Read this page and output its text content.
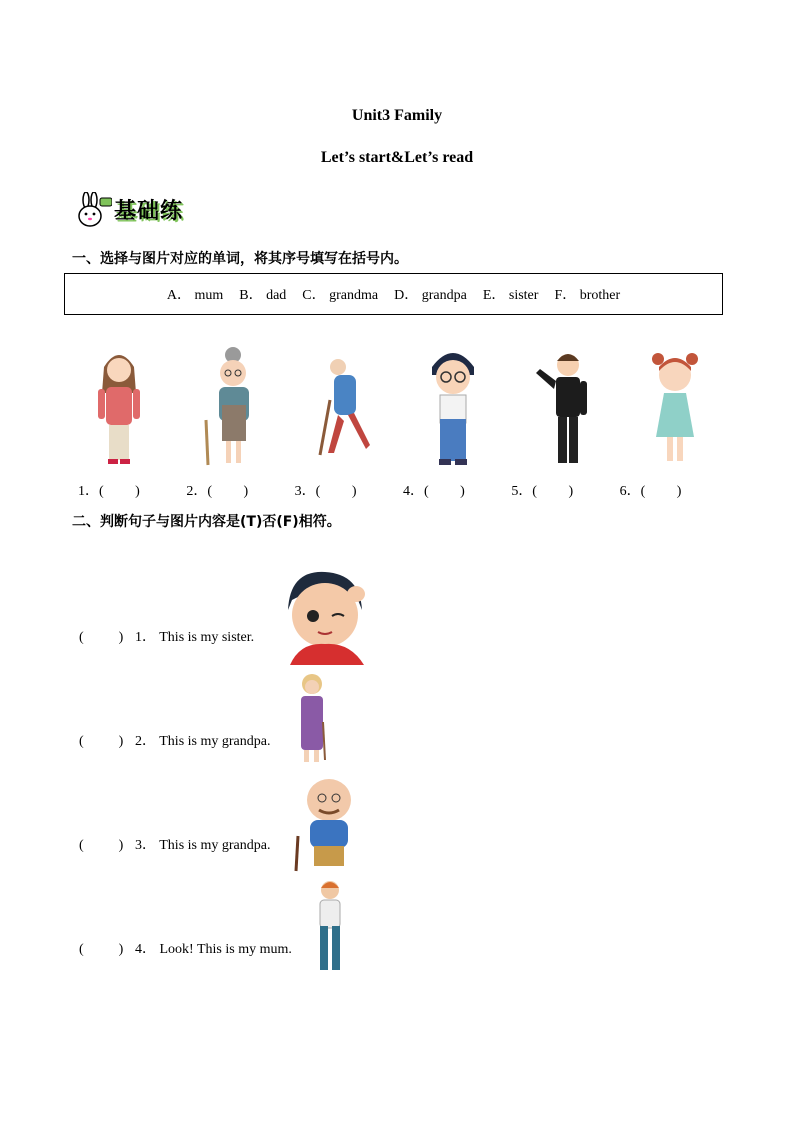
Unit3 Family
Let’s start&Let’s read
基础练
一、选择与图片对应的单词，将其序号填写在括号内。
A． mum B． dad C． grandma D． grandpa E． sister F． brother
1．(         )	2．(         )	3．(         )	4．(         )	5．(         )	6．(         )
二、判断句子与图片内容是(T)否(F)相符。

(          ) 1． This is my sister.

(          ) 2． This is my grandpa.

(          ) 3． This is my grandpa.

(          ) 4． Look! This is my mum.
